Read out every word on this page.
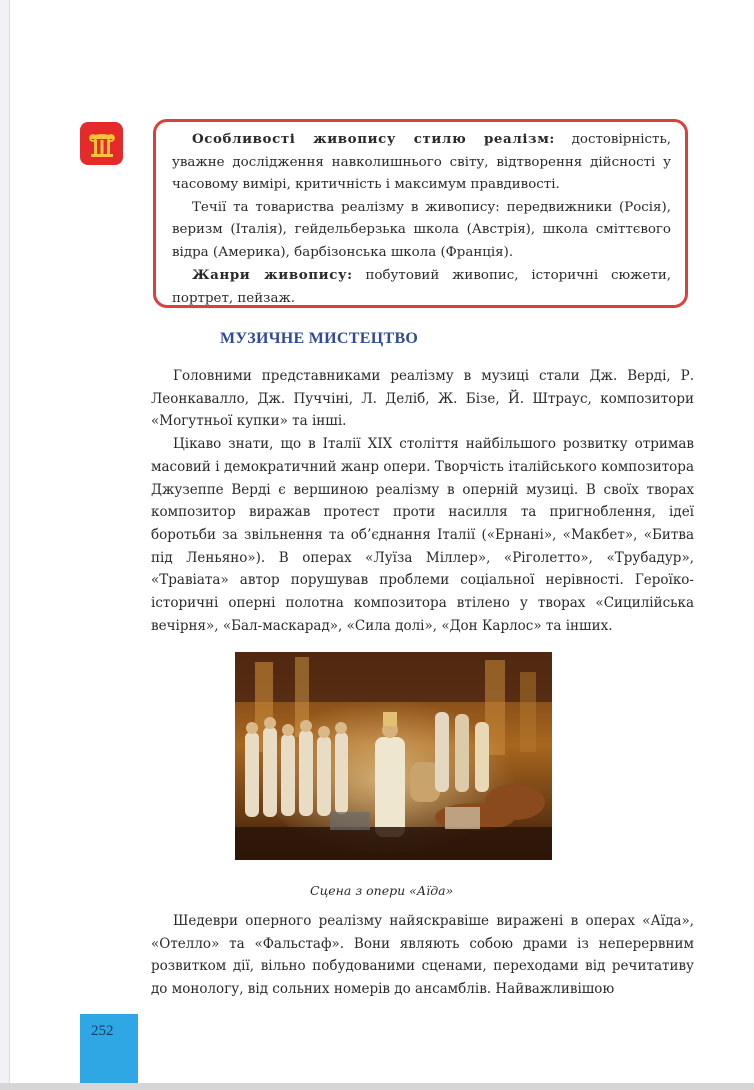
Особливості живопису стилю реалізм: достовірність, уважне дослідження навколишнього світу, відтворення дійсності у часовому вимірі, критичність і максимум правдивості.

Течії та товариства реалізму в живопису: передвижники (Росія), веризм (Італія), гейдельберзька школа (Австрія), школа сміттєвого відра (Америка), барбізонська школа (Франція).

Жанри живопису: побутовий живопис, історичні сюжети, портрет, пейзаж.

МУЗИЧНЕ МИСТЕЦТВО

Головними представниками реалізму в музиці стали Дж. Верді, Р. Леонкавалло, Дж. Пуччіні, Л. Деліб, Ж. Бізе, Й. Штраус, композитори «Могутньої купки» та інші.

Цікаво знати, що в Італії XIX століття найбільшого розвитку отримав масовий і демократичний жанр опери. Творчість італійського композитора Джузеппе Верді є вершиною реалізму в оперній музиці. В своїх творах композитор виражав протест проти насилля та пригноблення, ідеї боротьби за звільнення та об’єднання Італії («Ернані», «Макбет», «Битва під Леньяно»). В операх «Луїза Міллер», «Ріголетто», «Трубадур», «Травіата» автор порушував проблеми соціальної нерівності. Героїко-історичні оперні полотна композитора втілено у творах «Сицилійська вечірня», «Бал-маскарад», «Сила долі», «Дон Карлос» та інших.

Сцена з опери «Аїда»

Шедеври оперного реалізму найяскравіше виражені в операх «Аїда», «Отелло» та «Фальстаф». Вони являють собою драми із неперервним розвитком дії, вільно побудованими сценами, переходами від речитативу до монологу, від сольних номерів до ансамблів. Найважливішою

252
